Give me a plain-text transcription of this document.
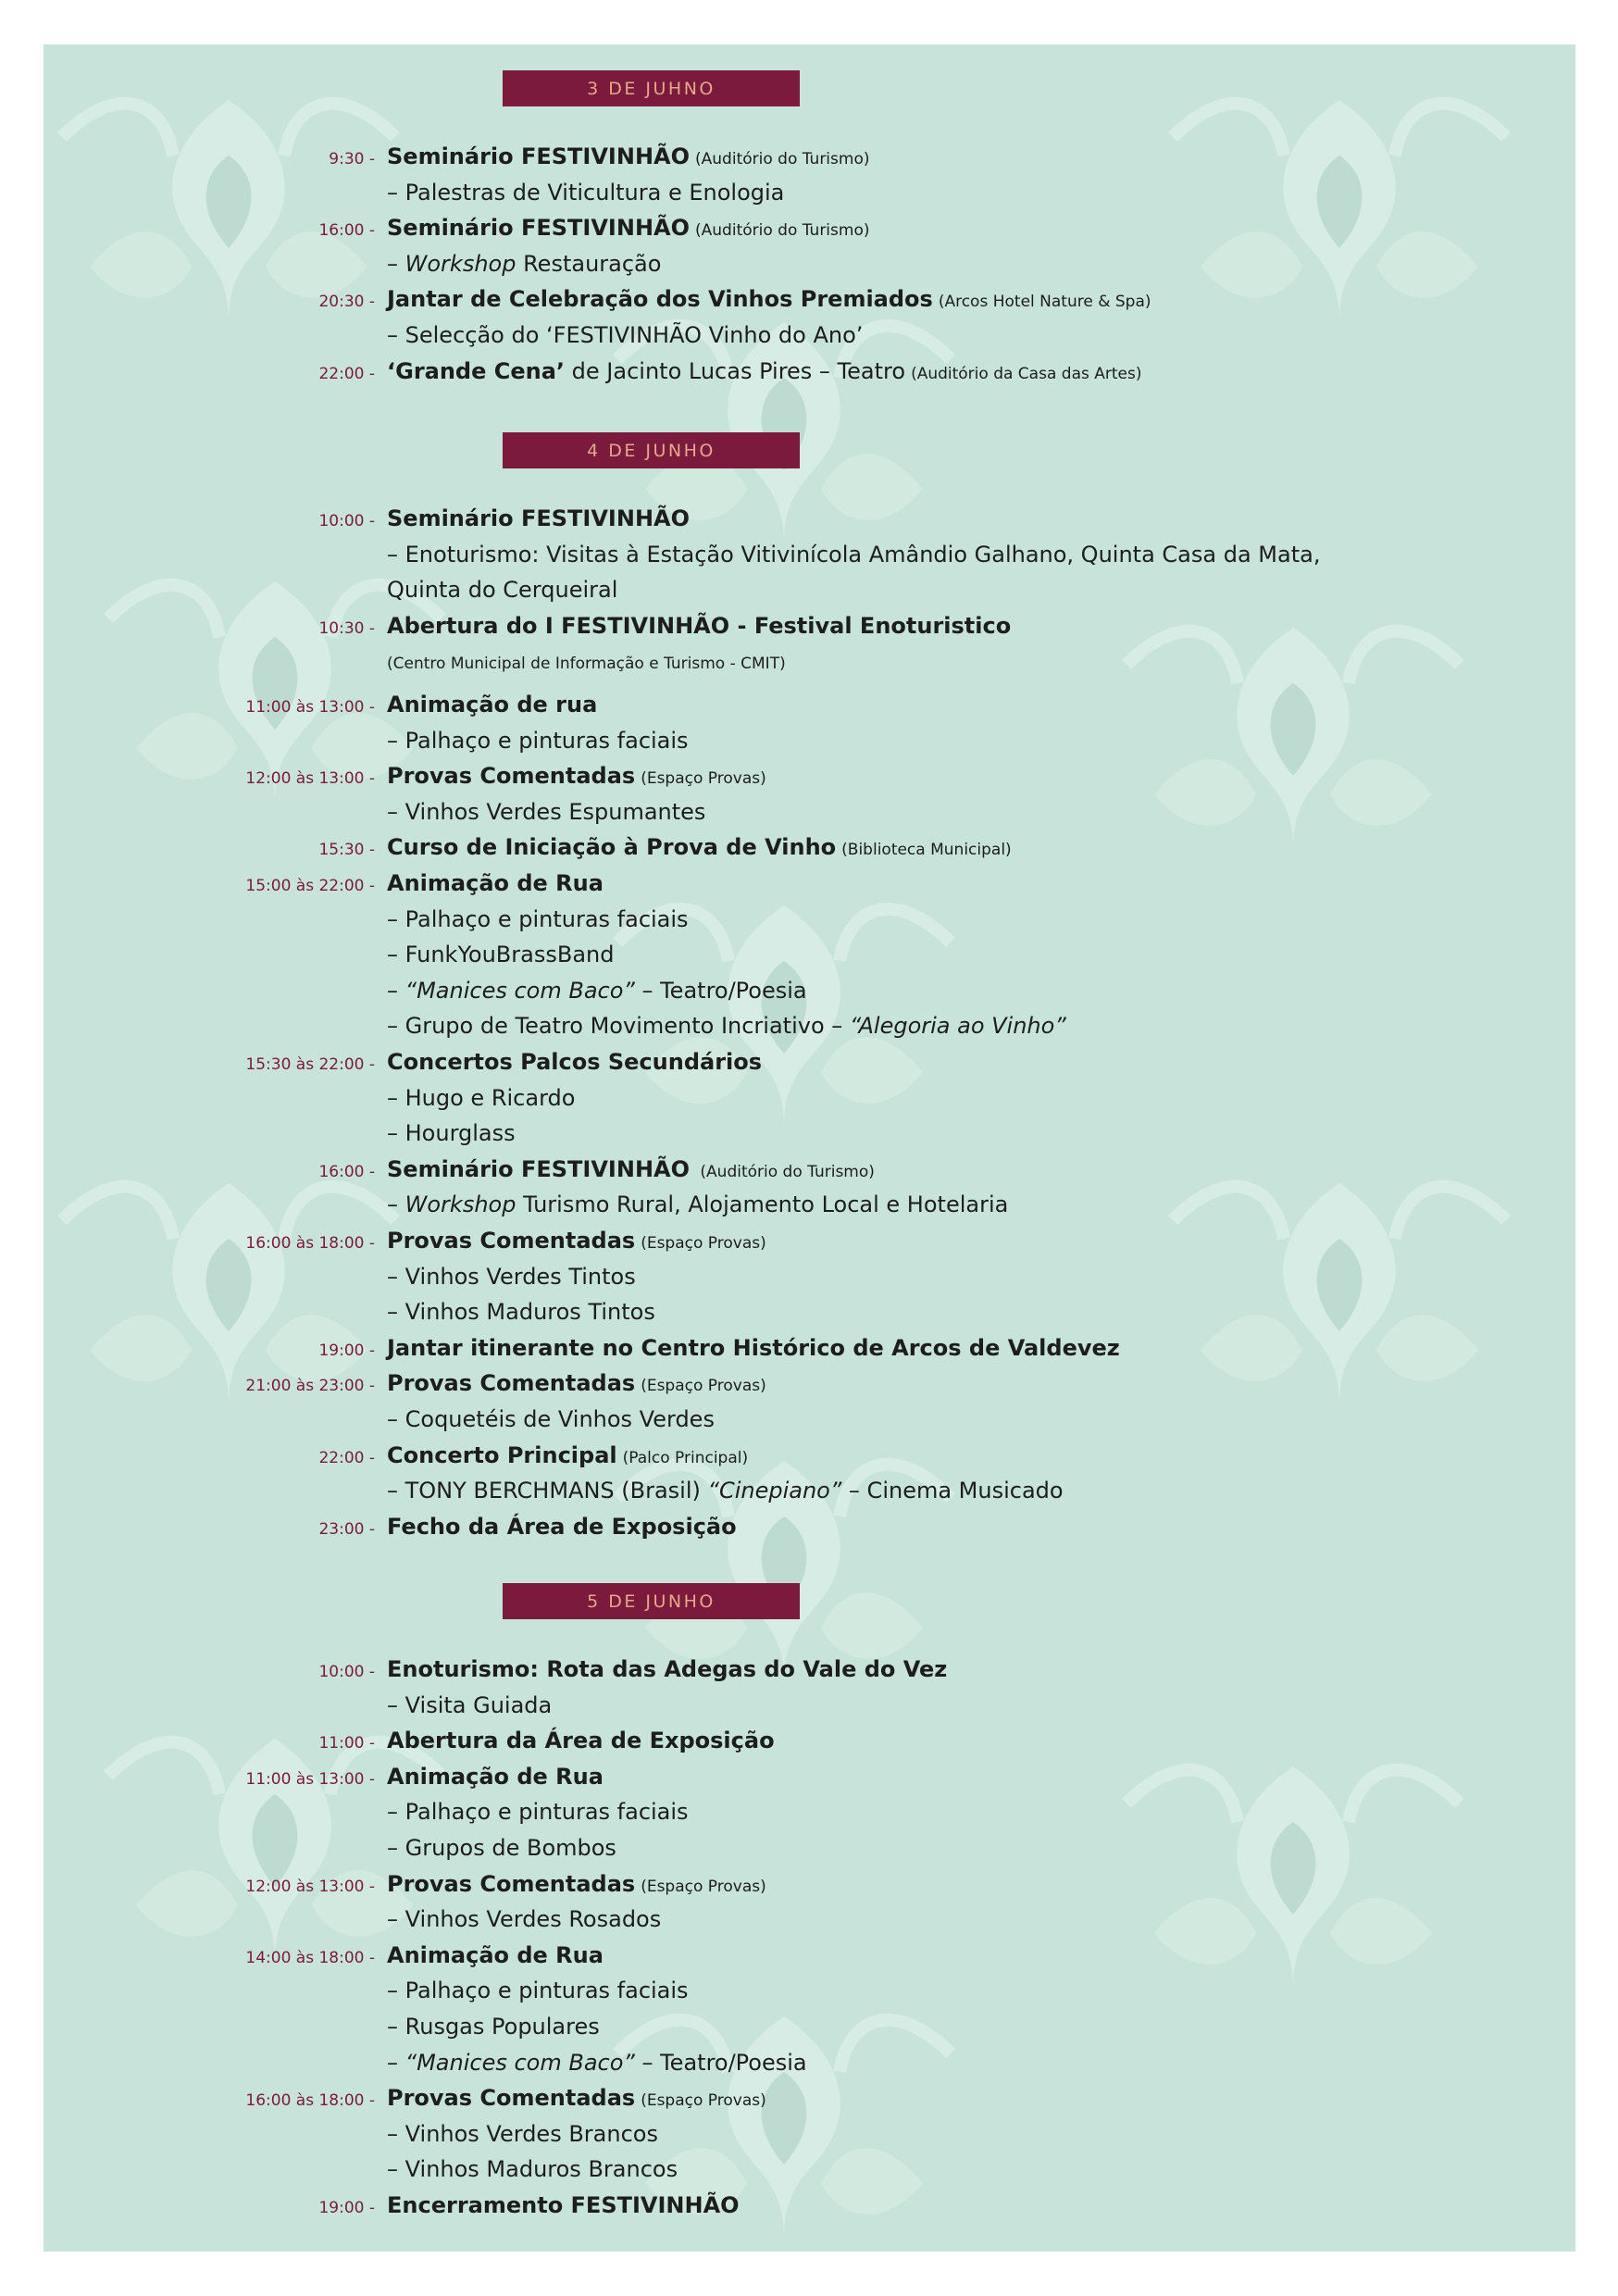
3 DE JUHNO
9:30 - Seminário FESTIVINHÃO (Auditório do Turismo)
– Palestras de Viticultura e Enologia
16:00 - Seminário FESTIVINHÃO (Auditório do Turismo)
– Workshop Restauração
20:30 - Jantar de Celebração dos Vinhos Premiados (Arcos Hotel Nature & Spa)
– Selecção do ‘FESTIVINHÃO Vinho do Ano’
22:00 - ‘Grande Cena’ de Jacinto Lucas Pires – Teatro (Auditório da Casa das Artes)
4 DE JUNHO
10:00 - Seminário FESTIVINHÃO
– Enoturismo: Visitas à Estação Vitivinícola Amândio Galhano, Quinta Casa da Mata,
Quinta do Cerqueiral
10:30 - Abertura do I FESTIVINHÃO - Festival Enoturistico
(Centro Municipal de Informação e Turismo - CMIT)
11:00 às 13:00 - Animação de rua
– Palhaço e pinturas faciais
12:00 às 13:00 - Provas Comentadas (Espaço Provas)
– Vinhos Verdes Espumantes
15:30 - Curso de Iniciação à Prova de Vinho (Biblioteca Municipal)
15:00 às 22:00 - Animação de Rua
– Palhaço e pinturas faciais
– FunkYouBrassBand
– “Manices com Baco” – Teatro/Poesia
– Grupo de Teatro Movimento Incriativo – “Alegoria ao Vinho”
15:30 às 22:00 - Concertos Palcos Secundários
– Hugo e Ricardo
– Hourglass
16:00 - Seminário FESTIVINHÃO (Auditório do Turismo)
– Workshop Turismo Rural, Alojamento Local e Hotelaria
16:00 às 18:00 - Provas Comentadas (Espaço Provas)
– Vinhos Verdes Tintos
– Vinhos Maduros Tintos
19:00 - Jantar itinerante no Centro Histórico de Arcos de Valdevez
21:00 às 23:00 - Provas Comentadas (Espaço Provas)
– Coquetéis de Vinhos Verdes
22:00 - Concerto Principal (Palco Principal)
– TONY BERCHMANS (Brasil) “Cinepiano” – Cinema Musicado
23:00 - Fecho da Área de Exposição
5 DE JUNHO
10:00 - Enoturismo: Rota das Adegas do Vale do Vez
– Visita Guiada
11:00 - Abertura da Área de Exposição
11:00 às 13:00 - Animação de Rua
– Palhaço e pinturas faciais
– Grupos de Bombos
12:00 às 13:00 - Provas Comentadas (Espaço Provas)
– Vinhos Verdes Rosados
14:00 às 18:00 - Animação de Rua
– Palhaço e pinturas faciais
– Rusgas Populares
– “Manices com Baco” – Teatro/Poesia
16:00 às 18:00 - Provas Comentadas (Espaço Provas)
– Vinhos Verdes Brancos
– Vinhos Maduros Brancos
19:00 - Encerramento FESTIVINHÃO
